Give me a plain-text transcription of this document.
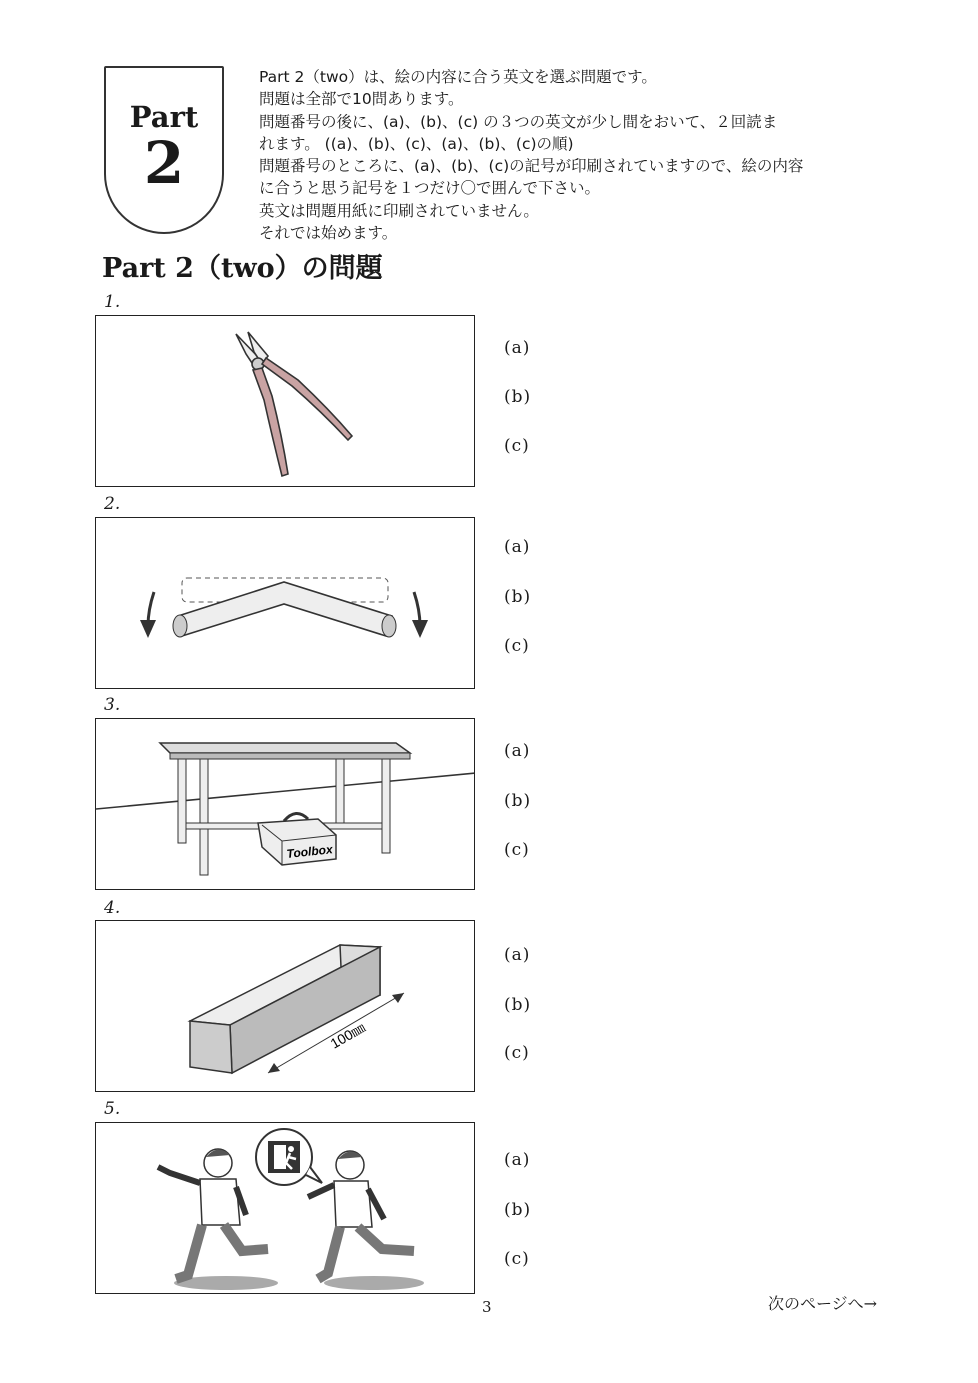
Part
2
Part 2（two）は、絵の内容に合う英文を選ぶ問題です。
問題は全部で10問あります。
問題番号の後に、(a)、(b)、(c) の３つの英文が少し間をおいて、２回読ま
れます。 ((a)、(b)、(c)、(a)、(b)、(c)の順)
問題番号のところに、(a)、(b)、(c)の記号が印刷されていますので、絵の内容
に合うと思う記号を１つだけ〇で囲んで下さい。
英文は問題用紙に印刷されていません。
それでは始めます。
Part 2（two）の問題
1.
(a)
(b)
(c)
2.
(a)
(b)
(c)
3.
Toolbox
(a)
(b)
(c)
4.
100㎜
(a)
(b)
(c)
5.
(a)
(b)
(c)
3	次のページへ→
